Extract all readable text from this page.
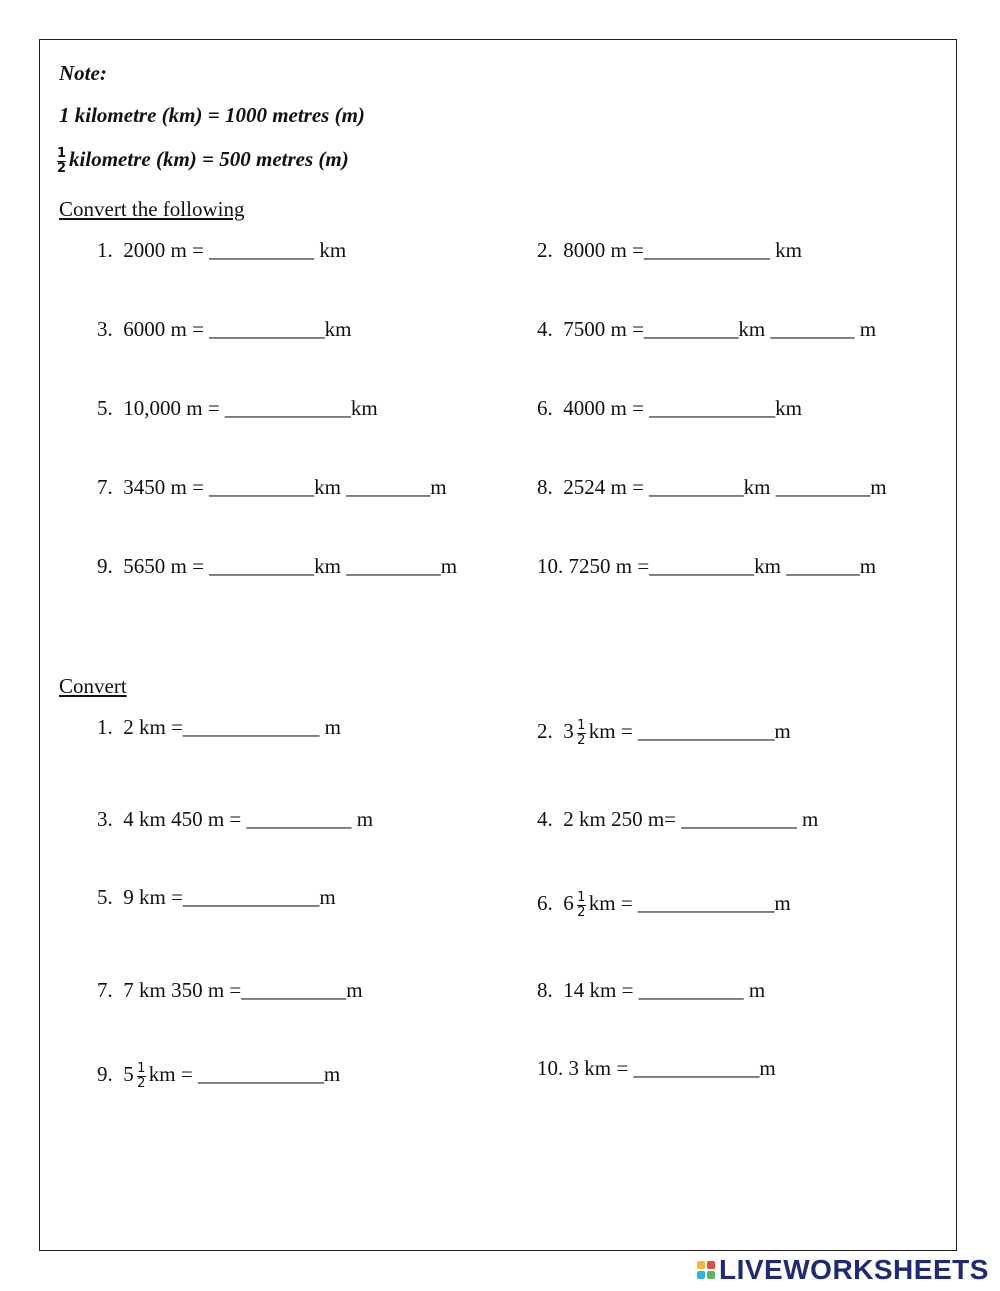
Note:
1 kilometre (km) = 1000 metres (m)
$\frac{1}{2}$ kilometre (km) = 500 metres (m)
Convert the following
1.  2000 m = __________ km	2.  8000 m =____________ km
3.  6000 m = ___________km	4.  7500 m =_________km ________ m
5.  10,000 m = ____________km	6.  4000 m = ____________km
7.  3450 m = __________km ________m	8.  2524 m = _________km _________m
9.  5650 m = __________km _________m	10. 7250 m =__________km _______m
Convert
1.  2 km =_____________ m	2.  $3 \frac{1}{2}$ km = _____________m
3.  4 km 450 m = __________ m	4.  2 km 250 m= ___________ m
5.  9 km =_____________m	6.  $6 \frac{1}{2}$ km = _____________m
7.  7 km 350 m =__________m	8.  14 km = __________ m
9.  $5 \frac{1}{2}$ km = ____________m	10. 3 km = ____________m
LIVEWORKSHEETS
